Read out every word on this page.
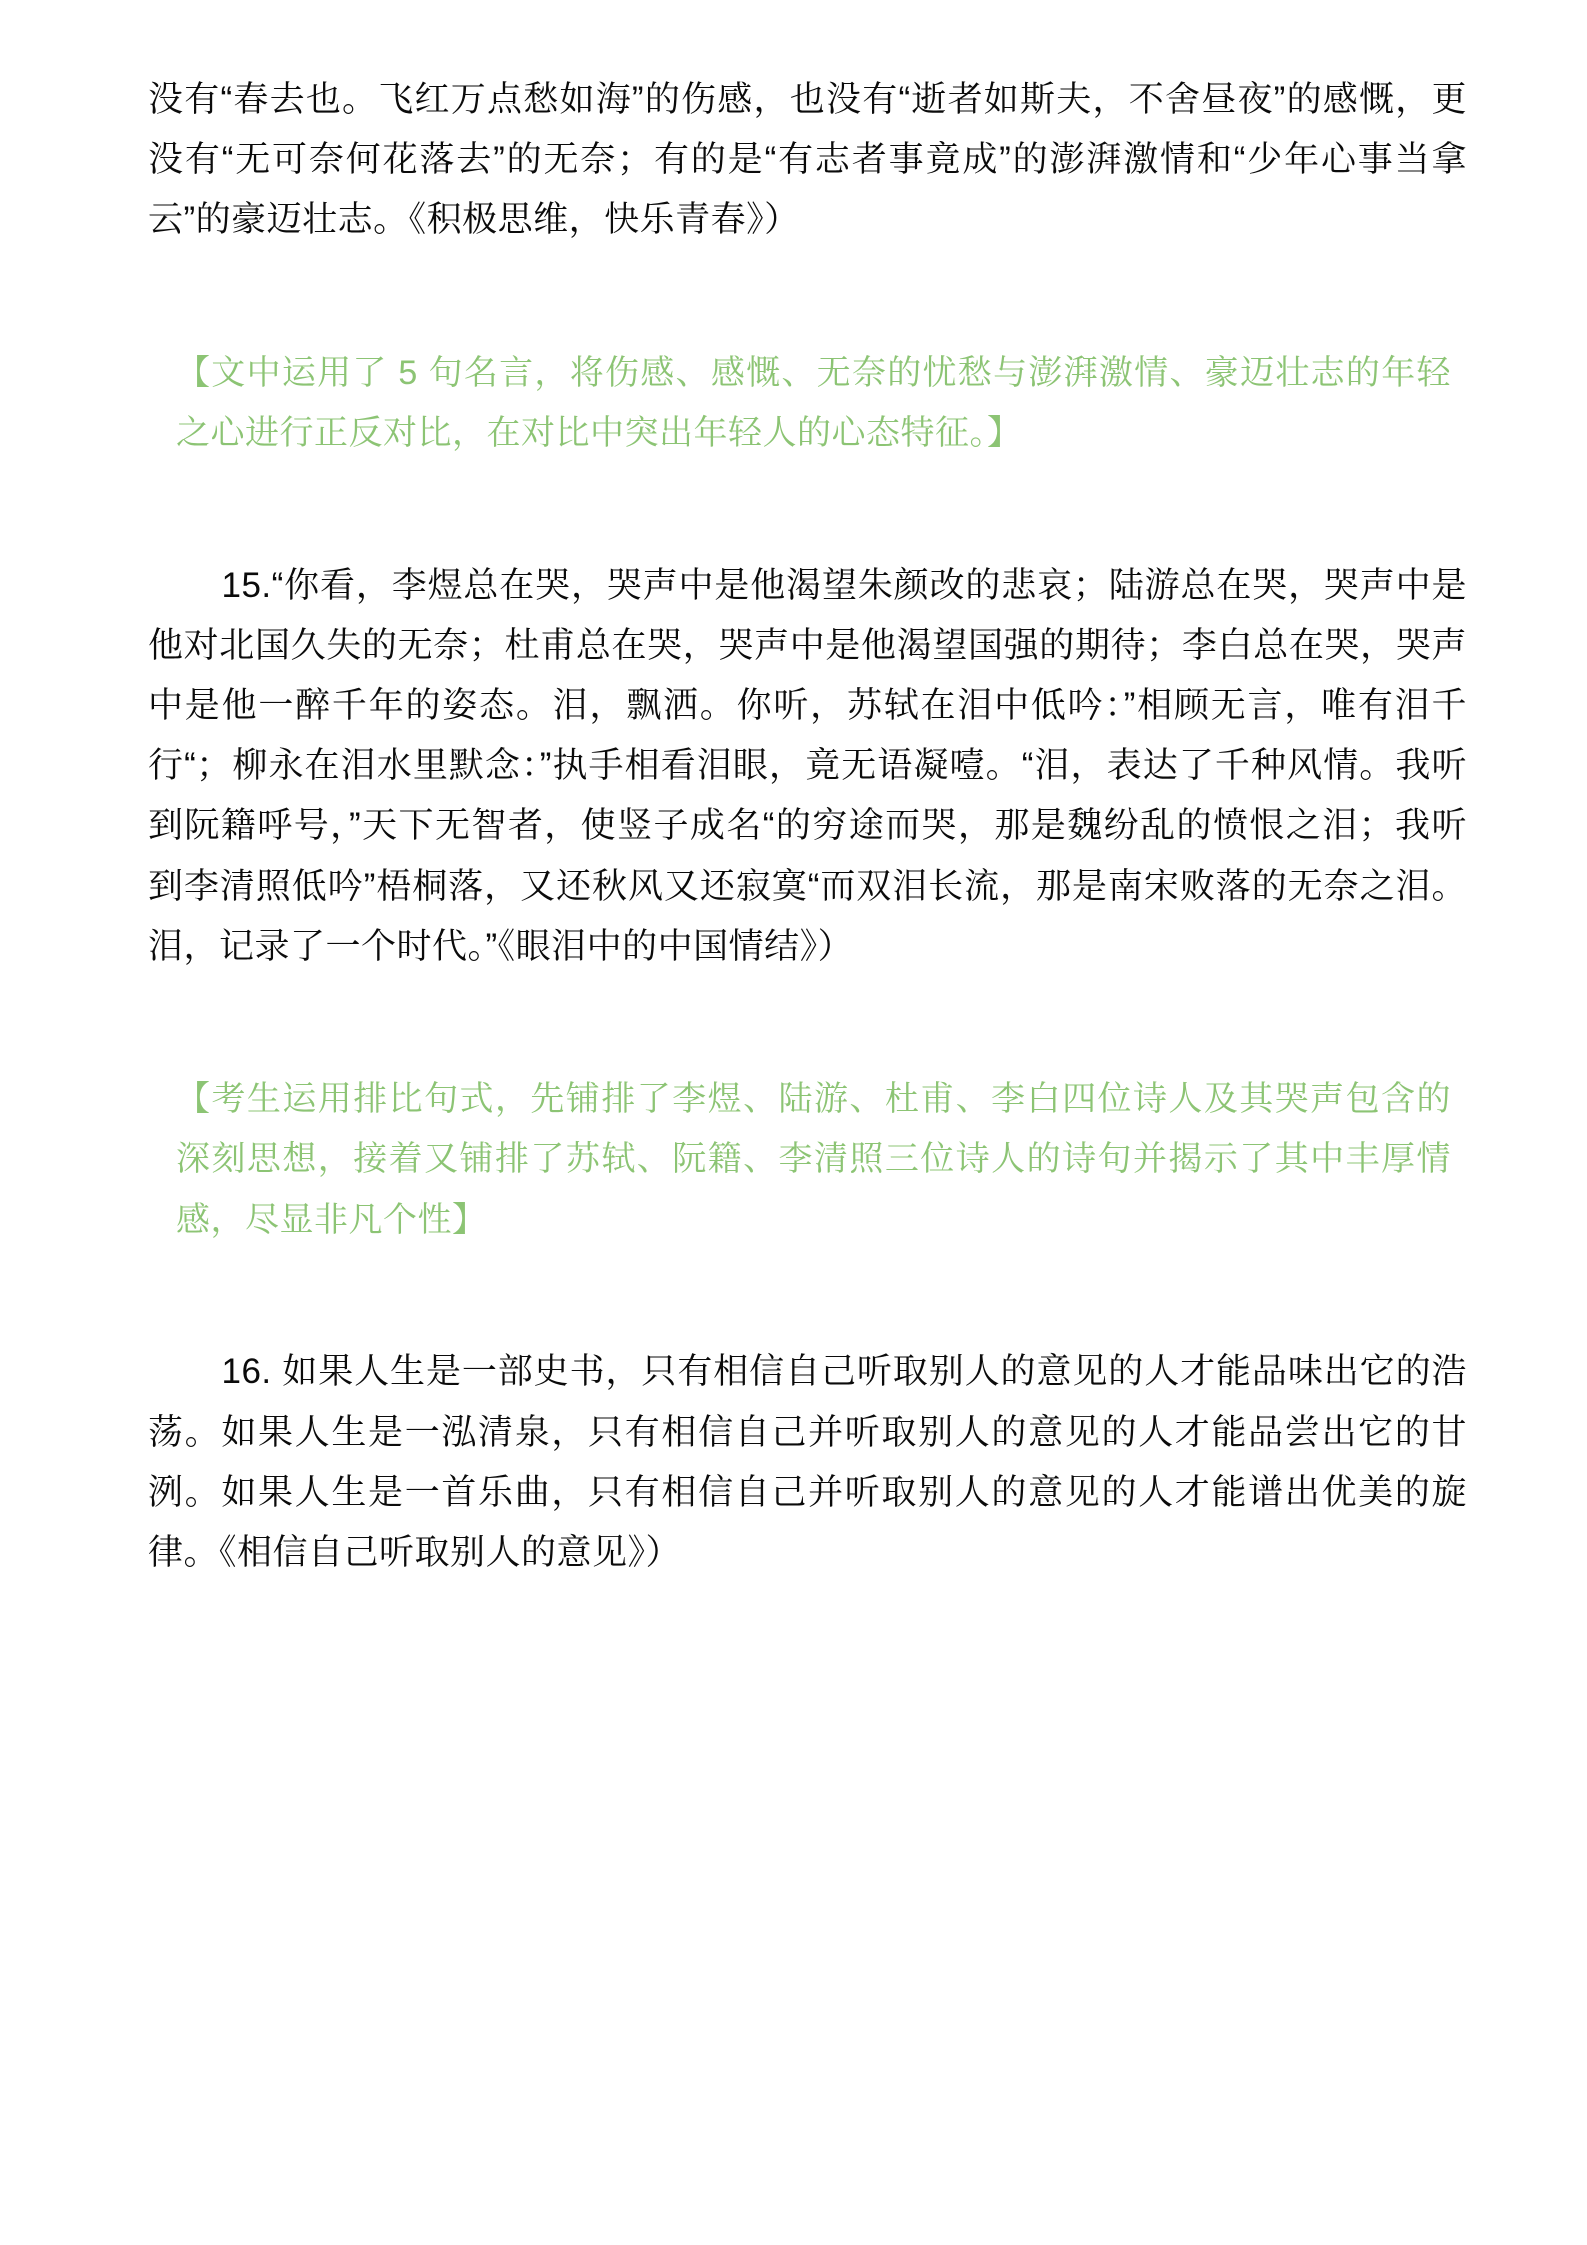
没有“春去也。飞红万点愁如海”的伤感，也没有“逝者如斯夫，不舍昼夜”的感慨，更没有“无可奈何花落去”的无奈；有的是“有志者事竟成”的澎湃激情和“少年心事当拿云”的豪迈壮志。《积极思维，快乐青春》）

【文中运用了 5 句名言，将伤感、感慨、无奈的忧愁与澎湃激情、豪迈壮志的年轻之心进行正反对比，在对比中突出年轻人的心态特征。】

15.“你看，李煜总在哭，哭声中是他渴望朱颜改的悲哀；陆游总在哭，哭声中是他对北国久失的无奈；杜甫总在哭，哭声中是他渴望国强的期待；李白总在哭，哭声中是他一醉千年的姿态。泪，飘洒。你听，苏轼在泪中低吟：”相顾无言，唯有泪千行“；柳永在泪水里默念：”执手相看泪眼，竟无语凝噎。“泪，表达了千种风情。我听到阮籍呼号，”天下无智者，使竖子成名“的穷途而哭，那是魏纷乱的愤恨之泪；我听到李清照低吟”梧桐落，又还秋风又还寂寞“而双泪长流，那是南宋败落的无奈之泪。泪，记录了一个时代。”《眼泪中的中国情结》）

【考生运用排比句式，先铺排了李煜、陆游、杜甫、李白四位诗人及其哭声包含的深刻思想，接着又铺排了苏轼、阮籍、李清照三位诗人的诗句并揭示了其中丰厚情感，尽显非凡个性】

16. 如果人生是一部史书，只有相信自己听取别人的意见的人才能品味出它的浩荡。如果人生是一泓清泉，只有相信自己并听取别人的意见的人才能品尝出它的甘洌。如果人生是一首乐曲，只有相信自己并听取别人的意见的人才能谱出优美的旋律。《相信自己听取别人的意见》）
